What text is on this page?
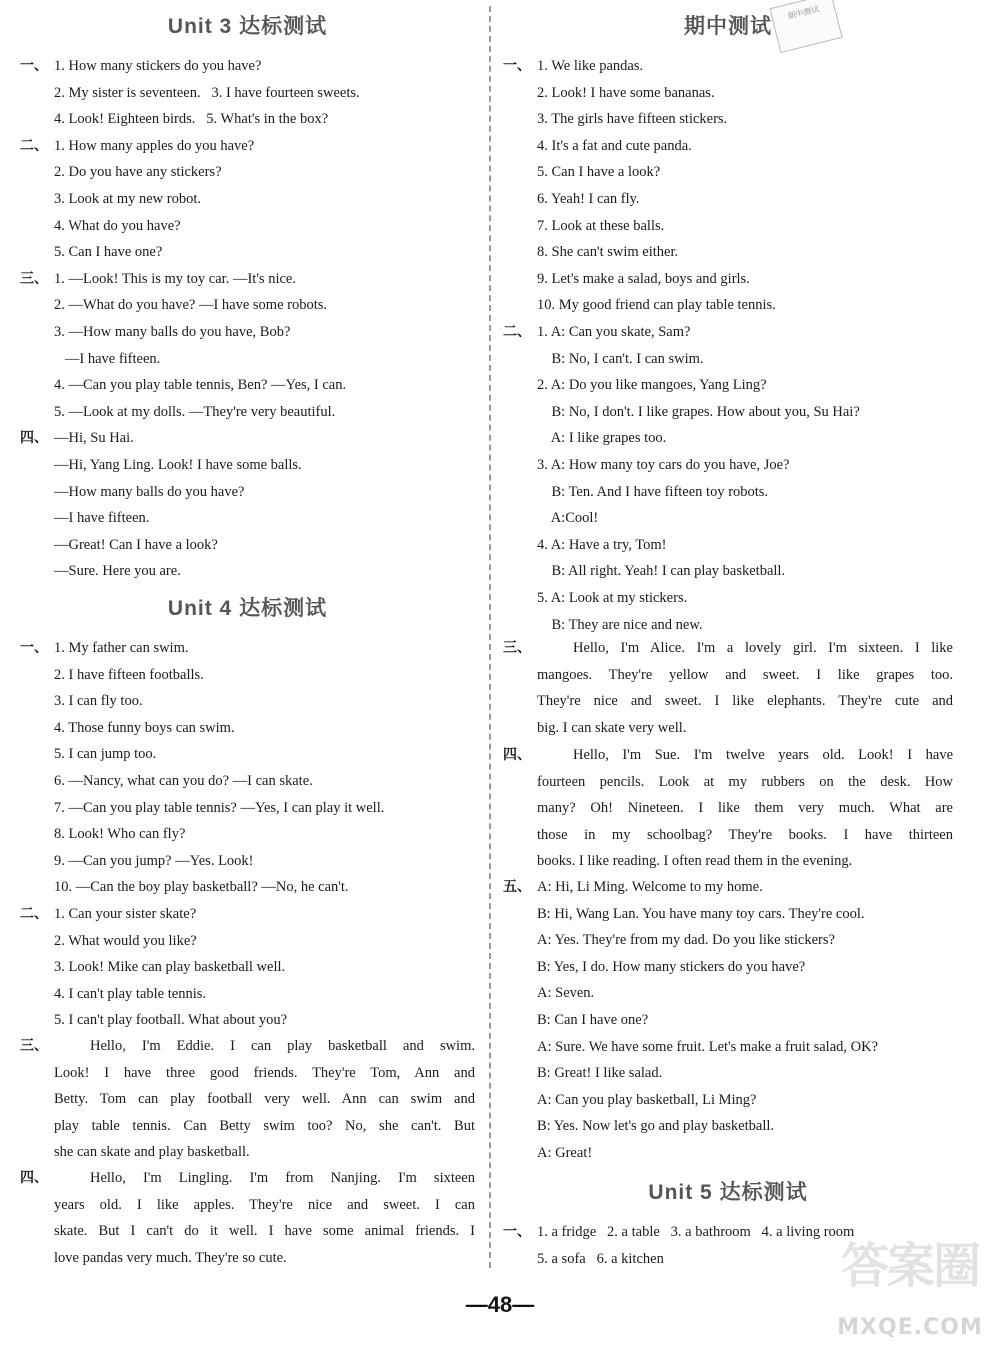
Unit 3 达标测试
一、 1. How many stickers do you have?
2. My sister is seventeen.   3. I have fourteen sweets.
4. Look! Eighteen birds.   5. What's in the box?
二、 1. How many apples do you have?
2. Do you have any stickers?
3. Look at my new robot.
4. What do you have?
5. Can I have one?
三、 1. —Look! This is my toy car. —It's nice.
2. —What do you have? —I have some robots.
3. —How many balls do you have, Bob?
—I have fifteen.
4. —Can you play table tennis, Ben? —Yes, I can.
5. —Look at my dolls. —They're very beautiful.
四、 —Hi, Su Hai.
—Hi, Yang Ling. Look! I have some balls.
—How many balls do you have?
—I have fifteen.
—Great! Can I have a look?
—Sure. Here you are.
Unit 4 达标测试
一、 1. My father can swim.
2. I have fifteen footballs.
3. I can fly too.
4. Those funny boys can swim.
5. I can jump too.
6. —Nancy, what can you do? —I can skate.
7. —Can you play table tennis? —Yes, I can play it well.
8. Look! Who can fly?
9. —Can you jump? —Yes. Look!
10. —Can the boy play basketball? —No, he can't.
二、 1. Can your sister skate?
2. What would you like?
3. Look! Mike can play basketball well.
4. I can't play table tennis.
5. I can't play football. What about you?
三、	Hello, I'm Eddie. I can play basketball and swim.
Look! I have three good friends. They're Tom, Ann and
Betty. Tom can play football very well. Ann can swim and
play table tennis. Can Betty swim too? No, she can't. But
she can skate and play basketball.
四、	Hello, I'm Lingling. I'm from Nanjing. I'm sixteen
years old. I like apples. They're nice and sweet. I can
skate. But I can't do it well. I have some animal friends. I
love pandas very much. They're so cute.
期中测试
一、 1. We like pandas.
2. Look! I have some bananas.
3. The girls have fifteen stickers.
4. It's a fat and cute panda.
5. Can I have a look?
6. Yeah! I can fly.
7. Look at these balls.
8. She can't swim either.
9. Let's make a salad, boys and girls.
10. My good friend can play table tennis.
二、 1. A: Can you skate, Sam?
B: No, I can't. I can swim.
2. A: Do you like mangoes, Yang Ling?
B: No, I don't. I like grapes. How about you, Su Hai?
A: I like grapes too.
3. A: How many toy cars do you have, Joe?
B: Ten. And I have fifteen toy robots.
A:Cool!
4. A: Have a try, Tom!
B: All right. Yeah! I can play basketball.
5. A: Look at my stickers.
B: They are nice and new.
三、	Hello, I'm Alice. I'm a lovely girl. I'm sixteen. I like
mangoes. They're yellow and sweet. I like grapes too.
They're nice and sweet. I like elephants. They're cute and
big. I can skate very well.
四、	Hello, I'm Sue. I'm twelve years old. Look! I have
fourteen pencils. Look at my rubbers on the desk. How
many? Oh! Nineteen. I like them very much. What are
those in my schoolbag? They're books. I have thirteen
books. I like reading. I often read them in the evening.
五、 A: Hi, Li Ming. Welcome to my home.
B: Hi, Wang Lan. You have many toy cars. They're cool.
A: Yes. They're from my dad. Do you like stickers?
B: Yes, I do. How many stickers do you have?
A: Seven.
B: Can I have one?
A: Sure. We have some fruit. Let's make a fruit salad, OK?
B: Great! I like salad.
A: Can you play basketball, Li Ming?
B: Yes. Now let's go and play basketball.
A: Great!
Unit 5 达标测试
一、 1. a fridge   2. a table   3. a bathroom   4. a living room
5. a sofa   6. a kitchen
期中测试
—48—
答案圈
MXQE.COM
